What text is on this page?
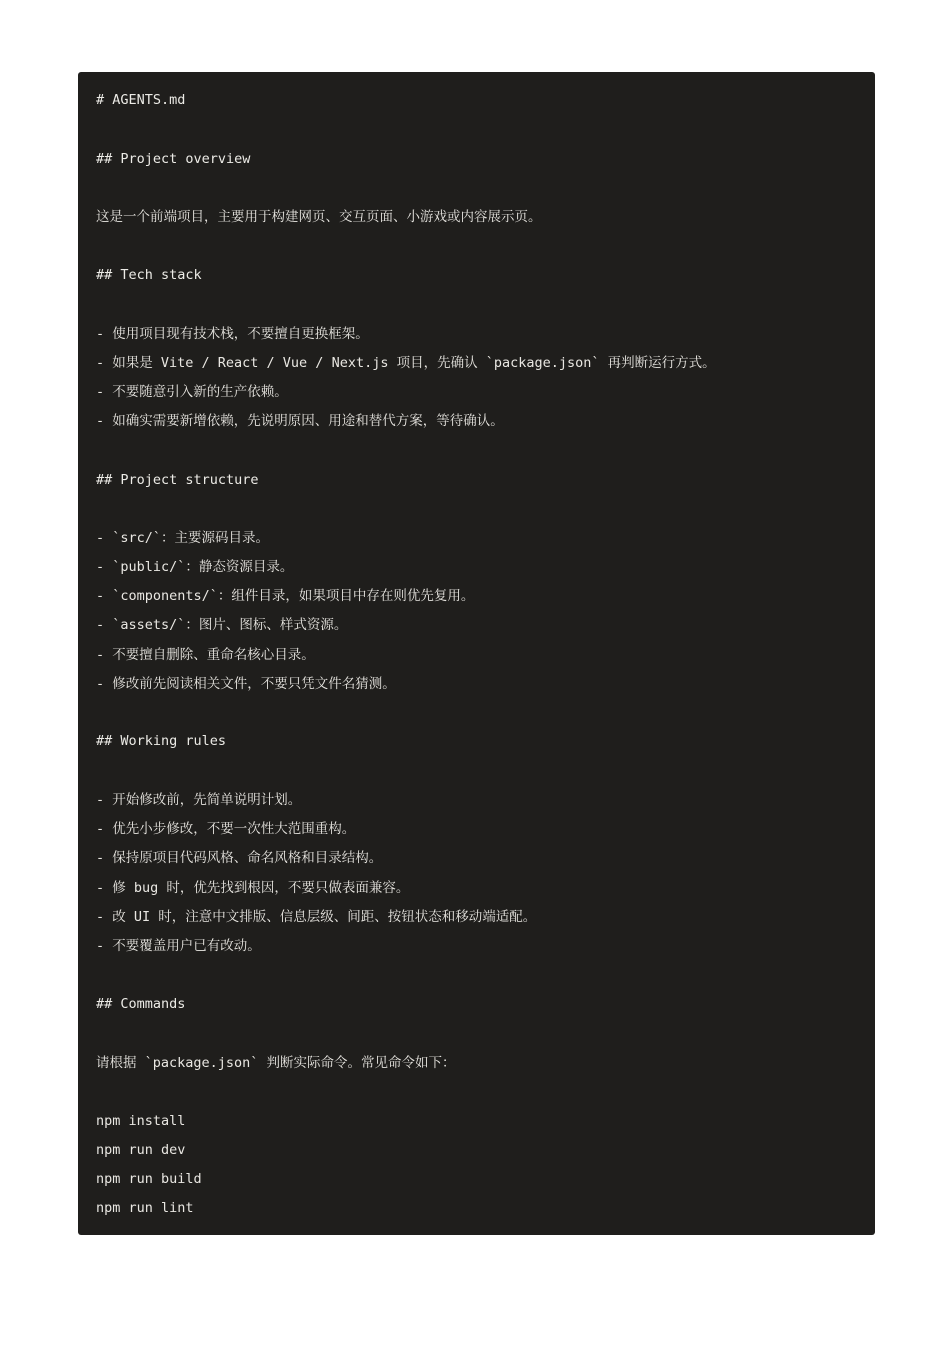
# AGENTS.md
## Project overview
这是一个前端项目，主要用于构建网页、交互页面、小游戏或内容展示页。
## Tech stack
- 使用项目现有技术栈，不要擅自更换框架。
- 如果是 Vite / React / Vue / Next.js 项目，先确认 `package.json` 再判断运行方式。
- 不要随意引入新的生产依赖。
- 如确实需要新增依赖，先说明原因、用途和替代方案，等待确认。
## Project structure
- `src/`：主要源码目录。
- `public/`：静态资源目录。
- `components/`：组件目录，如果项目中存在则优先复用。
- `assets/`：图片、图标、样式资源。
- 不要擅自删除、重命名核心目录。
- 修改前先阅读相关文件，不要只凭文件名猜测。
## Working rules
- 开始修改前，先简单说明计划。
- 优先小步修改，不要一次性大范围重构。
- 保持原项目代码风格、命名风格和目录结构。
- 修 bug 时，优先找到根因，不要只做表面兼容。
- 改 UI 时，注意中文排版、信息层级、间距、按钮状态和移动端适配。
- 不要覆盖用户已有改动。
## Commands
请根据 `package.json` 判断实际命令。常见命令如下：
npm install
npm run dev
npm run build
npm run lint
